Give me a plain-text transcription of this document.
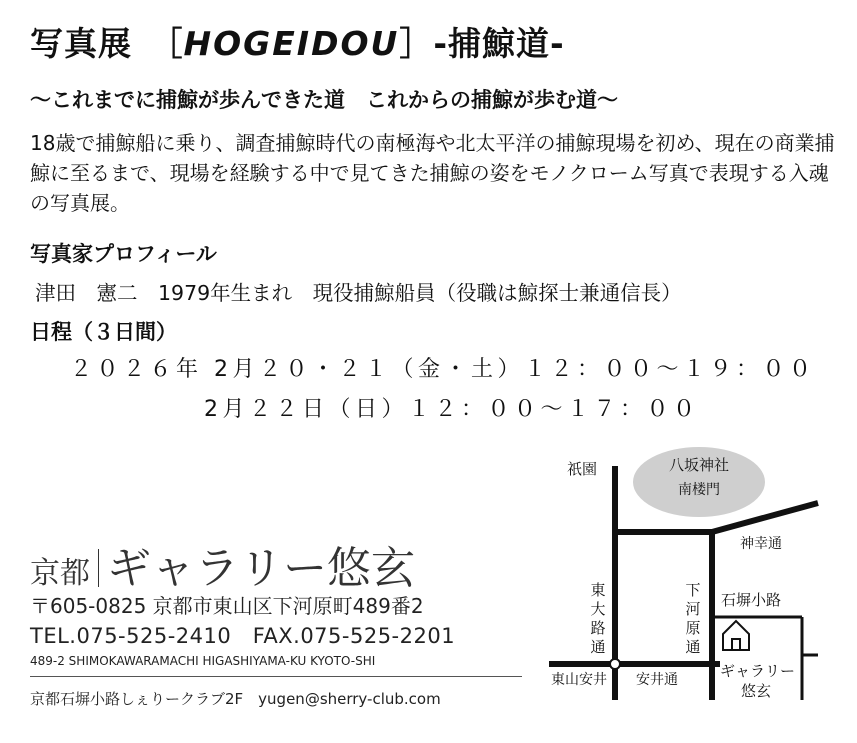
写真展　［HOGEIDOU］-捕鯨道-
～これまでに捕鯨が歩んできた道　これからの捕鯨が歩む道～
18歳で捕鯨船に乗り、調査捕鯨時代の南極海や北太平洋の捕鯨現場を初め、現在の商業捕鯨に至るまで、現場を経験する中で見てきた捕鯨の姿をモノクローム写真で表現する入魂の写真展。
写真家プロフィール
津田　憲二　1979年生まれ　現役捕鯨船員（役職は鯨探士兼通信長）
日程（３日間）
２０２６年 2月２０・２１（金・土）１２：００～１９：００
2月２２日（日）１２：００～１７：００
京都 ギャラリー悠玄
〒605-0825 京都市東山区下河原町489番2
TEL.075-525-2410　FAX.075-525-2201
489-2 SHIMOKAWARAMACHI HIGASHIYAMA-KU KYOTO-SHI
京都石塀小路しぇりークラブ2F　yugen@sherry-club.com
祇園	八坂神社
南楼門
神幸通
石塀小路
東
大
路
通
下
河
原
通
東山安井 安井通	ギャラリー
悠玄
